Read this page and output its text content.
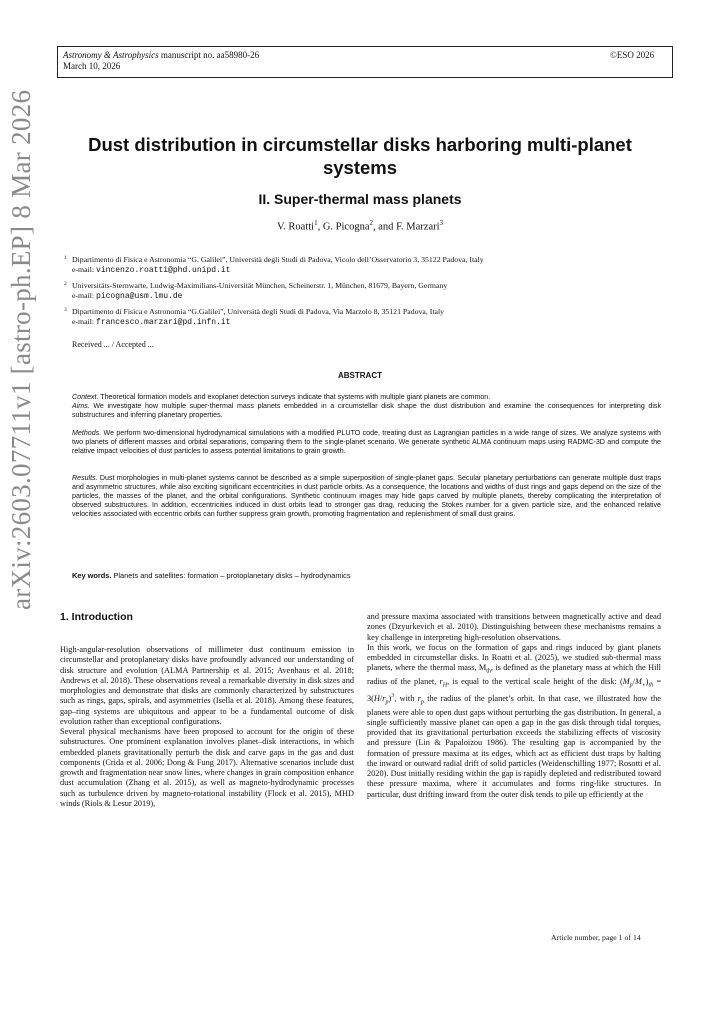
Astronomy & Astrophysics manuscript no. aa58980-26
March 10, 2026
©ESO 2026
arXiv:2603.07711v1 [astro-ph.EP] 8 Mar 2026	Dust distribution in circumstellar disks harboring multi-planet
systems
II. Super-thermal mass planets
V. Roatti$^1$, G. Picogna$^2$, and F. Marzari$^3$
1 Dipartimento di Fisica e Astronomia “G. Galilei”, Università degli Studi di Padova, Vicolo dell’Osservatorio 3, 35122 Padova, Italy
e-mail: vincenzo.roatti@phd.unipd.it
2 Universitäts-Sternwarte, Ludwig-Maximilians-Universität München, Scheinerstr. 1, München, 81679, Bayern, Germany
e-mail: picogna@usm.lmu.de
3 Dipartimento di Fisica e Astronomia “G.Galilei”, Università degli Studi di Padova, Via Marzolo 8, 35121 Padova, Italy
e-mail: francesco.marzari@pd.infn.it
Received ... / Accepted ...
ABSTRACT
Context. Theoretical formation models and exoplanet detection surveys indicate that systems with multiple giant planets are common.
Aims. We investigate how multiple super-thermal mass planets embedded in a circumstellar disk shape the dust distribution and examine the consequences for interpreting disk substructures and inferring planetary properties.
Methods. We perform two-dimensional hydrodynamical simulations with a modified PLUTO code, treating dust as Lagrangian particles in a wide range of sizes. We analyze systems with two planets of different masses and orbital separations, comparing them to the single-planet scenario. We generate synthetic ALMA continuum maps using RADMC-3D and compute the relative impact velocities of dust particles to assess potential limitations to grain growth.
Results. Dust morphologies in multi-planet systems cannot be described as a simple superposition of single-planet gaps. Secular planetary perturbations can generate multiple dust traps and asymmetric structures, while also exciting significant eccentricities in dust particle orbits. As a consequence, the locations and widths of dust rings and gaps depend on the size of the particles, the masses of the planet, and the orbital configurations. Synthetic continuum images may hide gaps carved by multiple planets, thereby complicating the interpretation of observed substructures. In addition, eccentricities induced in dust orbits lead to stronger gas drag, reducing the Stokes number for a given particle size, and the enhanced relative velocities associated with eccentric orbits can further suppress grain growth, promoting fragmentation and replenishment of small dust grains.
Key words. Planets and satellites: formation – protoplanetary disks – hydrodynamics
1. Introduction

High-angular-resolution observations of millimeter dust continuum emission in circumstellar and protoplanetary disks have profoundly advanced our understanding of disk structure and evolution (ALMA Partnership et al. 2015; Avenhaus et al. 2018; Andrews et al. 2018). These observations reveal a remarkable diversity in disk sizes and morphologies and demonstrate that disks are commonly characterized by substructures such as rings, gaps, spirals, and asymmetries (Isella et al. 2018). Among these features, gap–ring systems are ubiquitous and appear to be a fundamental outcome of disk evolution rather than exceptional configurations.

Several physical mechanisms have been proposed to account for the origin of these substructures. One prominent explanation involves planet–disk interactions, in which embedded planets gravitationally perturb the disk and carve gaps in the gas and dust components (Crida et al. 2006; Dong & Fung 2017). Alternative scenarios include dust growth and fragmentation near snow lines, where changes in grain composition enhance dust accumulation (Zhang et al. 2015), as well as magneto-hydrodynamic processes such as turbulence driven by magneto-rotational instability (Flock et al. 2015), MHD winds (Riols & Lesur 2019),

and pressure maxima associated with transitions between magnetically active and dead zones (Dzyurkevich et al. 2010). Distinguishing between these mechanisms remains a key challenge in interpreting high-resolution observations.

In this work, we focus on the formation of gaps and rings induced by giant planets embedded in circumstellar disks. In Roatti et al. (2025), we studied sub-thermal mass planets, where the thermal mass, $M_{th}$, is defined as the planetary mass at which the Hill radius of the planet, $r_H$, is equal to the vertical scale height of the disk: $(M_p/M_⋆)_{th} = 3(H/r_p)^3$, with $r_p$ the radius of the planet’s orbit. In that case, we illustrated how the planets were able to open dust gaps without perturbing the gas distribution. In general, a single sufficiently massive planet can open a gap in the gas disk through tidal torques, provided that its gravitational perturbation exceeds the stabilizing effects of viscosity and pressure (Lin & Papaloizou 1986). The resulting gap is accompanied by the formation of pressure maxima at its edges, which act as efficient dust traps by halting the inward or outward radial drift of solid particles (Weidenschilling 1977; Rosotti et al. 2020). Dust initially residing within the gap is rapidly depleted and redistributed toward these pressure maxima, where it accumulates and forms ring-like structures. In particular, dust drifting inward from the outer disk tends to pile up efficiently at the

Article number, page 1 of 14
